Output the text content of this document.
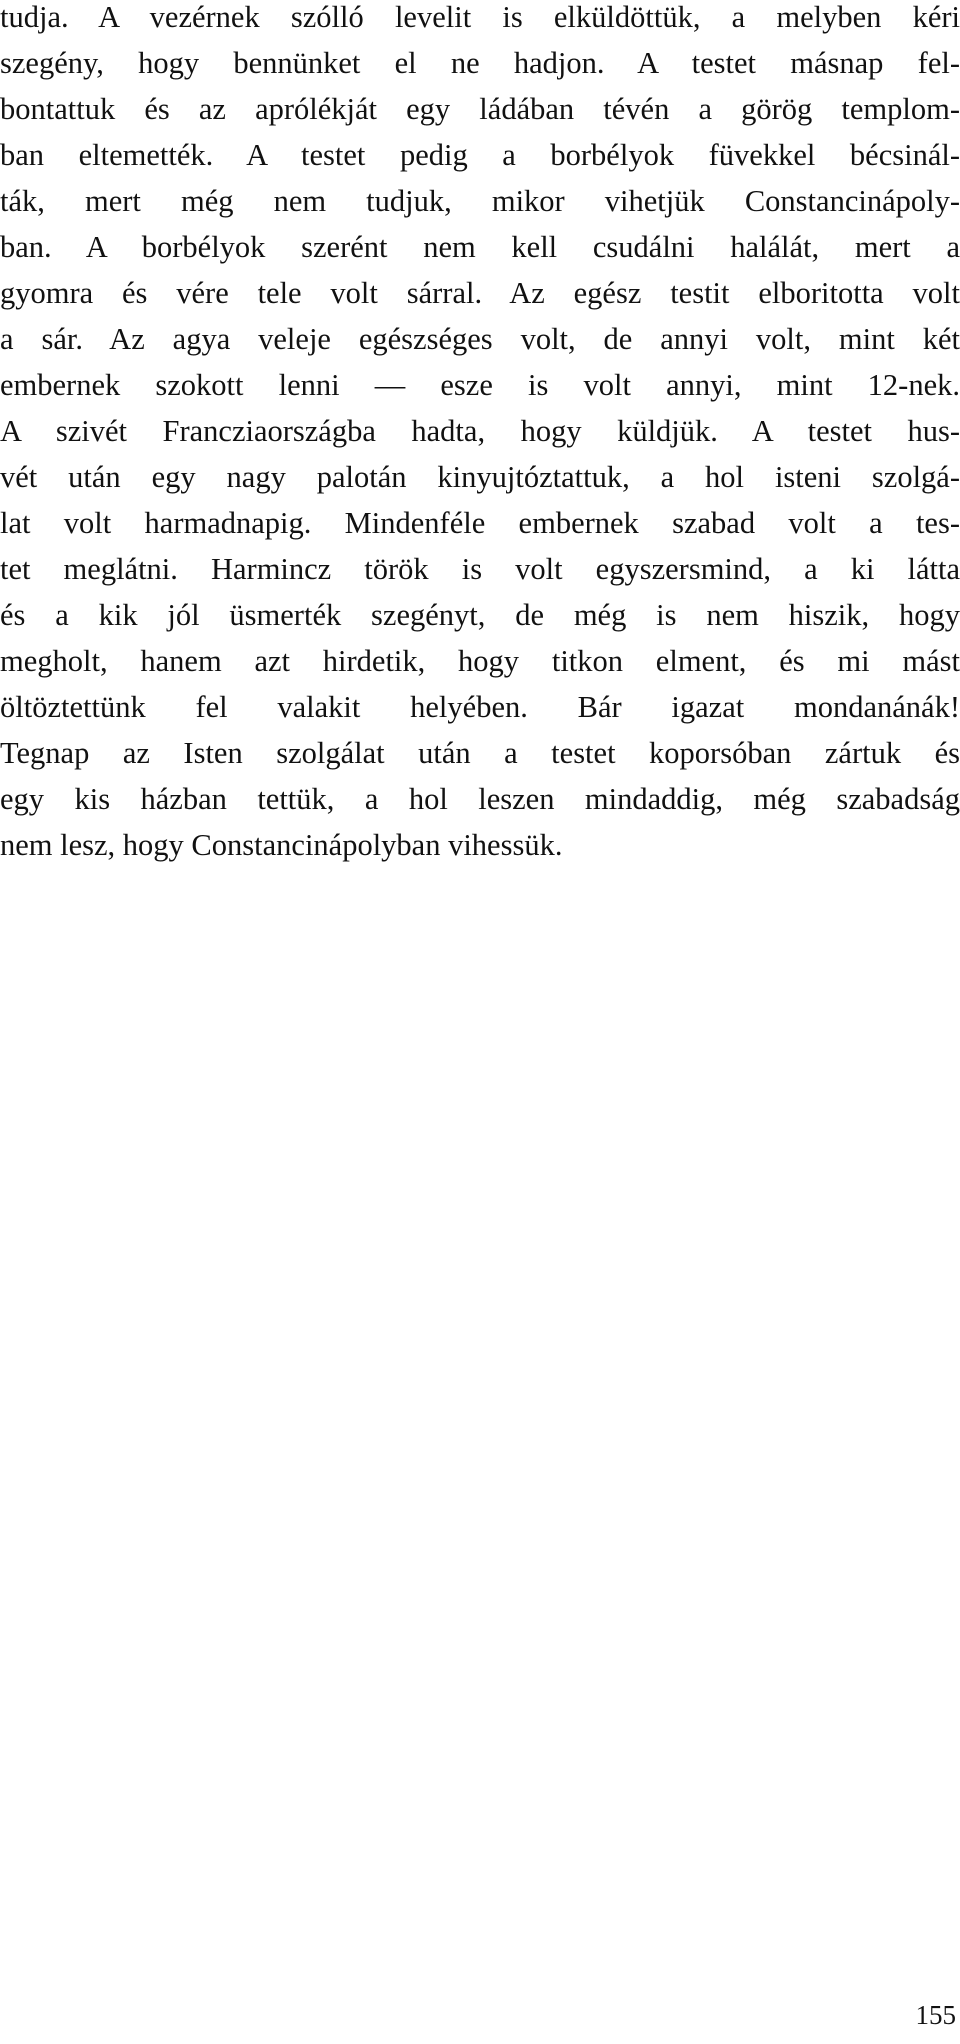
tudja. A vezérnek szólló levelit is elküldöttük, a melyben kéri
szegény, hogy bennünket el ne hadjon. A testet másnap fel-
bontattuk és az aprólékját egy ládában tévén a görög templom-
ban eltemették. A testet pedig a borbélyok füvekkel bécsinál-
ták, mert még nem tudjuk, mikor vihetjük Constancinápoly-
ban. A borbélyok szerént nem kell csudálni halálát, mert a
gyomra és vére tele volt sárral. Az egész testit elboritotta volt
a sár. Az agya veleje egészséges volt, de annyi volt, mint két
embernek szokott lenni — esze is volt annyi, mint 12-nek.
A szivét Francziaországba hadta, hogy küldjük. A testet hus-
vét után egy nagy palotán kinyujtóztattuk, a hol isteni szolgá-
lat volt harmadnapig. Mindenféle embernek szabad volt a tes-
tet meglátni. Harmincz török is volt egyszersmind, a ki látta
és a kik jól üsmerték szegényt, de még is nem hiszik, hogy
megholt, hanem azt hirdetik, hogy titkon elment, és mi mást
öltöztettünk fel valakit helyében. Bár igazat mondanánák!
Tegnap az Isten szolgálat után a testet koporsóban zártuk és
egy kis házban tettük, a hol leszen mindaddig, még szabadság
nem lesz, hogy Constancinápolyban vihessük.
155
